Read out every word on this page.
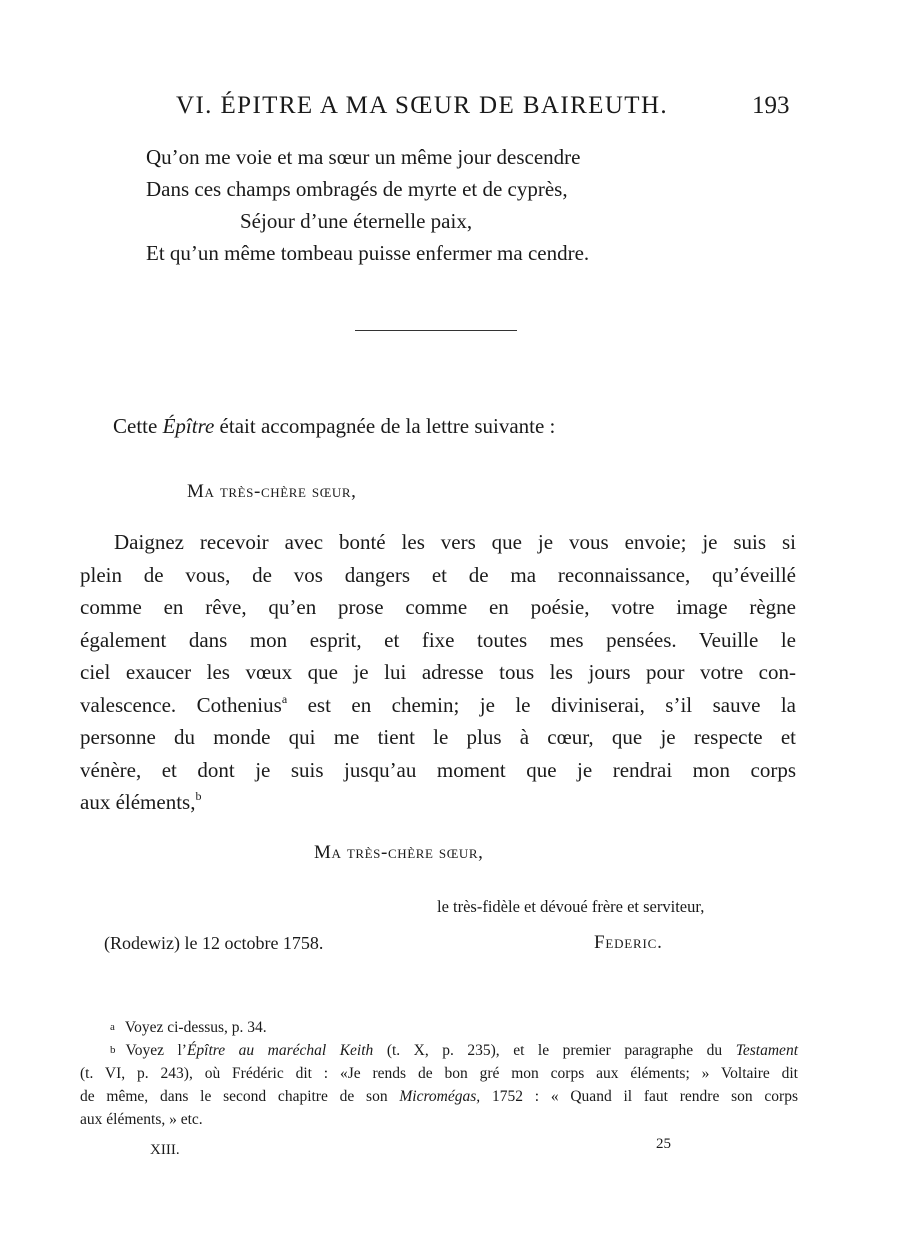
VI. ÉPITRE A MA SŒUR DE BAIREUTH.	193
Qu’on me voie et ma sœur un même jour descendre
Dans ces champs ombragés de myrte et de cyprès,
Séjour d’une éternelle paix,
Et qu’un même tombeau puisse enfermer ma cendre.
Cette Épître était accompagnée de la lettre suivante :
Ma très-chère sœur,
Daignez recevoir avec bonté les vers que je vous envoie; je suis si
plein de vous, de vos dangers et de ma reconnaissance, qu’éveillé
comme en rêve, qu’en prose comme en poésie, votre image règne
également dans mon esprit, et fixe toutes mes pensées. Veuille le
ciel exaucer les vœux que je lui adresse tous les jours pour votre con-
valescence. Cothenius$^a$ est en chemin; je le diviniserai, s’il sauve la
personne du monde qui me tient le plus à cœur, que je respecte et
vénère, et dont je suis jusqu’au moment que je rendrai mon corps
aux éléments,$^b$
Ma très-chère sœur,
le très-fidèle et dévoué frère et serviteur,
(Rodewiz) le 12 octobre 1758.	Federic.
a Voyez ci-dessus, p. 34.
b Voyez l’Épître au maréchal Keith (t. X, p. 235), et le premier paragraphe du Testament
(t. VI, p. 243), où Frédéric dit : «Je rends de bon gré mon corps aux éléments; » Voltaire dit
de même, dans le second chapitre de son Micromégas, 1752 : « Quand il faut rendre son corps
aux éléments, » etc.
XIII.	25
